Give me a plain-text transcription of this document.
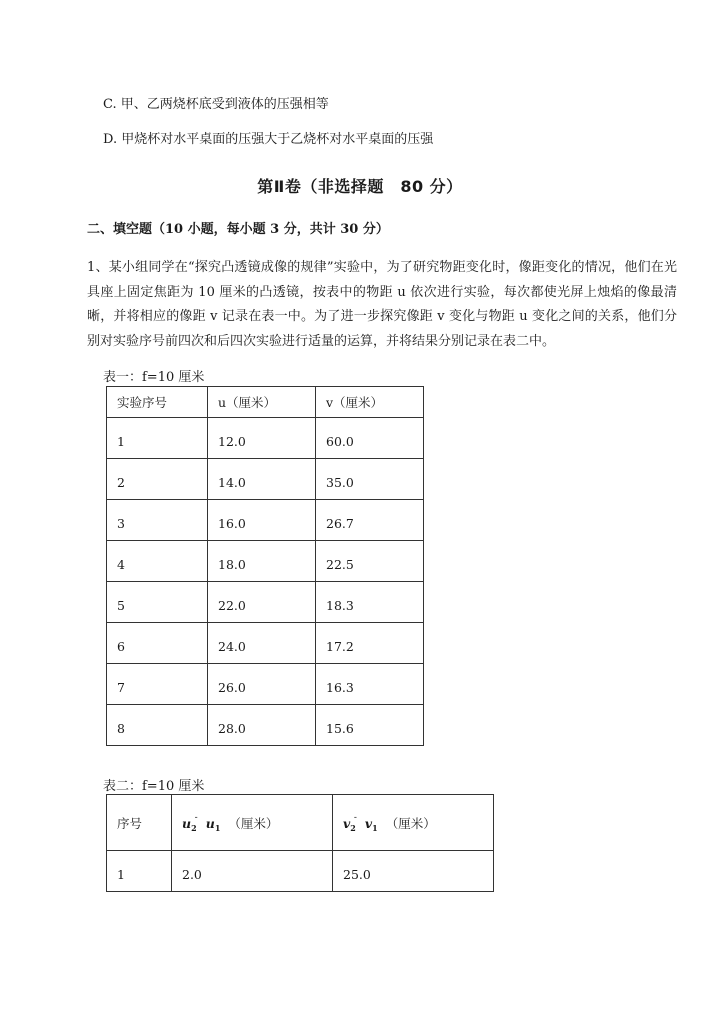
C. 甲、乙两烧杯底受到液体的压强相等
D. 甲烧杯对水平桌面的压强大于乙烧杯对水平桌面的压强
第Ⅱ卷（非选择题　80 分）
二、填空题（10 小题，每小题 3 分，共计 30 分）
1、某小组同学在“探究凸透镜成像的规律”实验中，为了研究物距变化时，像距变化的情况，他们在光具座上固定焦距为 10 厘米的凸透镜，按表中的物距 u 依次进行实验，每次都使光屏上烛焰的像最清晰，并将相应的像距 v 记录在表一中。为了进一步探究像距 v 变化与物距 u 变化之间的关系，他们分别对实验序号前四次和后四次实验进行适量的运算，并将结果分别记录在表二中。
表一：f=10 厘米
实验序号	u（厘米）	v（厘米）
1	12.0	60.0
2	14.0	35.0
3	16.0	26.7
4	18.0	22.5
5	22.0	18.3
6	24.0	17.2
7	26.0	16.3
8	28.0	15.6
表二：f=10 厘米
序号	$u_2^-$ $u_1$ （厘米）	$v_2^-$ $v_1$ （厘米）
1	2.0	25.0
